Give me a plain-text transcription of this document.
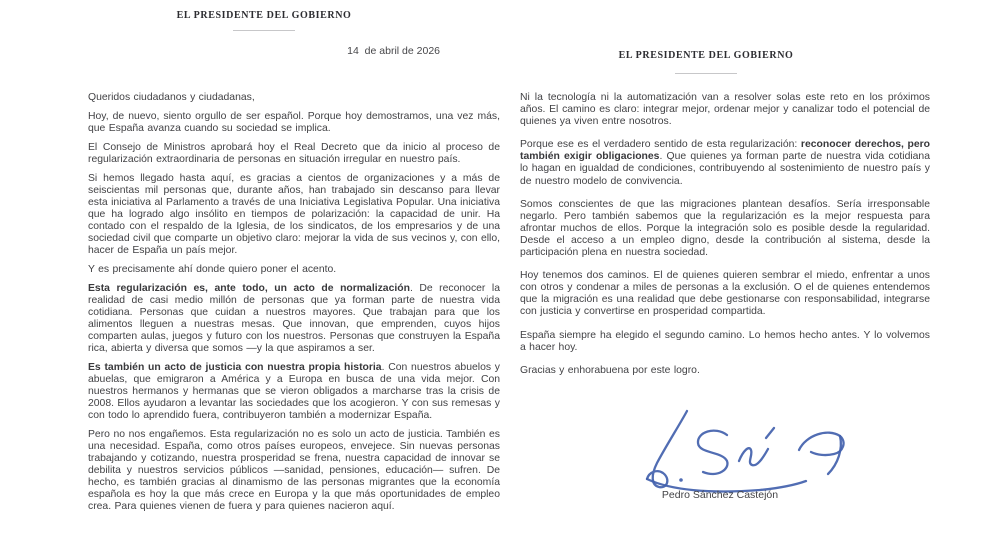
EL PRESIDENTE DEL GOBIERNO
14  de abril de 2026

Queridos ciudadanos y ciudadanas,

Hoy, de nuevo, siento orgullo de ser español. Porque hoy demostramos, una vez más, que España avanza cuando su sociedad se implica.

El Consejo de Ministros aprobará hoy el Real Decreto que da inicio al proceso de regularización extraordinaria de personas en situación irregular en nuestro país.

Si hemos llegado hasta aquí, es gracias a cientos de organizaciones y a más de seiscientas mil personas que, durante años, han trabajado sin descanso para llevar esta iniciativa al Parlamento a través de una Iniciativa Legislativa Popular. Una iniciativa que ha logrado algo insólito en tiempos de polarización: la capacidad de unir. Ha contado con el respaldo de la Iglesia, de los sindicatos, de los empresarios y de una sociedad civil que comparte un objetivo claro: mejorar la vida de sus vecinos y, con ello, hacer de España un país mejor.

Y es precisamente ahí donde quiero poner el acento.

Esta regularización es, ante todo, un acto de normalización. De reconocer la realidad de casi medio millón de personas que ya forman parte de nuestra vida cotidiana. Personas que cuidan a nuestros mayores. Que trabajan para que los alimentos lleguen a nuestras mesas. Que innovan, que emprenden, cuyos hijos comparten aulas, juegos y futuro con los nuestros. Personas que construyen la España rica, abierta y diversa que somos —y la que aspiramos a ser.

Es también un acto de justicia con nuestra propia historia. Con nuestros abuelos y abuelas, que emigraron a América y a Europa en busca de una vida mejor. Con nuestros hermanos y hermanas que se vieron obligados a marcharse tras la crisis de 2008. Ellos ayudaron a levantar las sociedades que los acogieron. Y con sus remesas y con todo lo aprendido fuera, contribuyeron también a modernizar España.

Pero no nos engañemos. Esta regularización no es solo un acto de justicia. También es una necesidad. España, como otros países europeos, envejece. Sin nuevas personas trabajando y cotizando, nuestra prosperidad se frena, nuestra capacidad de innovar se debilita y nuestros servicios públicos —sanidad, pensiones, educación— sufren. De hecho, es también gracias al dinamismo de las personas migrantes que la economía española es hoy la que más crece en Europa y la que más oportunidades de empleo crea. Para quienes vienen de fuera y para quienes nacieron aquí.

EL PRESIDENTE DEL GOBIERNO

Ni la tecnología ni la automatización van a resolver solas este reto en los próximos años. El camino es claro: integrar mejor, ordenar mejor y canalizar todo el potencial de quienes ya viven entre nosotros.

Porque ese es el verdadero sentido de esta regularización: reconocer derechos, pero también exigir obligaciones. Que quienes ya forman parte de nuestra vida cotidiana lo hagan en igualdad de condiciones, contribuyendo al sostenimiento de nuestro país y de nuestro modelo de convivencia.

Somos conscientes de que las migraciones plantean desafíos. Sería irresponsable negarlo. Pero también sabemos que la regularización es la mejor respuesta para afrontar muchos de ellos. Porque la integración solo es posible desde la regularidad. Desde el acceso a un empleo digno, desde la contribución al sistema, desde la participación plena en nuestra sociedad.

Hoy tenemos dos caminos. El de quienes quieren sembrar el miedo, enfrentar a unos con otros y condenar a miles de personas a la exclusión. O el de quienes entendemos que la migración es una realidad que debe gestionarse con responsabilidad, integrarse con justicia y convertirse en prosperidad compartida.

España siempre ha elegido el segundo camino. Lo hemos hecho antes. Y lo volvemos a hacer hoy.

Gracias y enhorabuena por este logro.

Pedro Sánchez Castejón
